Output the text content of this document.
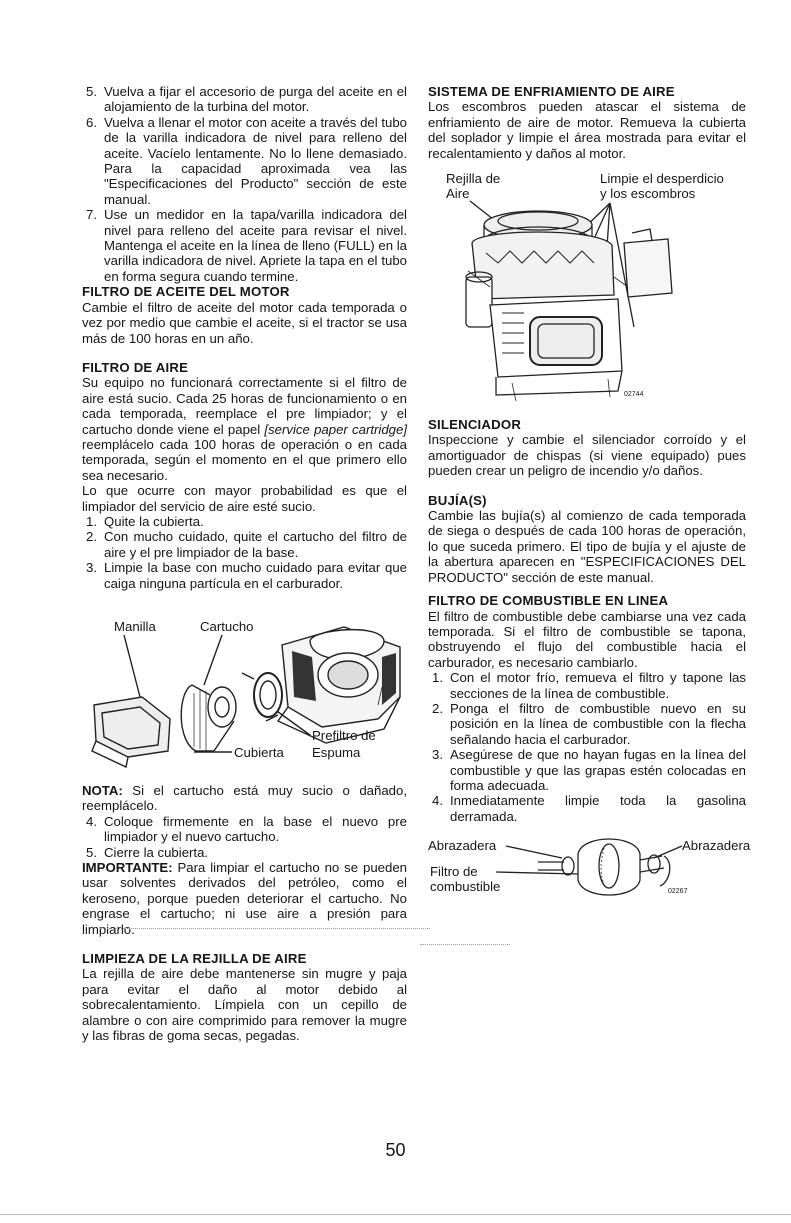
5. Vuelva a fijar el accesorio de purga del aceite en el alojamiento de la turbina del motor.
6. Vuelva a llenar el motor con aceite a través del tubo de la varilla indicadora de nivel para relleno del aceite. Vacíelo lentamente. No lo llene demasiado. Para la capacidad aproximada vea las "Especificaciones del Producto" sección de este manual.
7. Use un medidor en la tapa/varilla indicadora del nivel para relleno del aceite para revisar el nivel. Mantenga el aceite en la línea de lleno (FULL) en la varilla indicadora de nivel. Apriete la tapa en el tubo en forma segura cuando termine.
FILTRO DE ACEITE DEL MOTOR

Cambie el filtro de aceite del motor cada temporada o vez por medio que cambie el aceite, si el tractor se usa más de 100 horas en un año.

FILTRO DE AIRE

Su equipo no funcionará correctamente si el filtro de aire está sucio. Cada 25 horas de funcionamiento o en cada temporada, reemplace el pre limpiador; y el cartucho donde viene el papel [service paper cartridge] reemplácelo cada 100 horas de operación o en cada temporada, según el momento en el que primero ello sea necesario.

Lo que ocurre con mayor probabilidad es que el limpiador del servicio de aire esté sucio.

1. Quite la cubierta.
2. Con mucho cuidado, quite el cartucho del filtro de aire y el pre limpiador de la base.
3. Limpie la base con mucho cuidado para evitar que caiga ninguna partícula en el carburador.
Manilla	Cartucho
Cubierta
Prefiltro de
Espuma

NOTA: Si el cartucho está muy sucio o dañado, reemplácelo.

4. Coloque firmemente en la base el nuevo pre limpiador y el nuevo cartucho.
5. Cierre la cubierta.

IMPORTANTE: Para limpiar el cartucho no se pueden usar solventes derivados del petróleo, como el keroseno, porque pueden deteriorar el cartucho. No engrase el cartucho; ni use aire a presión para limpiarlo.

LIMPIEZA DE LA REJILLA DE AIRE

La rejilla de aire debe mantenerse sin mugre y paja para evitar el daño al motor debido al sobrecalentamiento. Límpiela con un cepillo de alambre o con aire comprimido para remover la mugre y las fibras de goma secas, pegadas.

SISTEMA DE ENFRIAMIENTO DE AIRE

Los escombros pueden atascar el sistema de enfriamiento de aire de motor. Remueva la cubierta del soplador y limpie el área mostrada para evitar el recalentamiento y daños al motor.

Rejilla de
Aire
Limpie el desperdicio
y los escombros
02744
SILENCIADOR

Inspeccione y cambie el silenciador corroído y el amortiguador de chispas (si viene equipado) pues pueden crear un peligro de incendio y/o daños.

BUJÍA(S)

Cambie las bujía(s) al comienzo de cada temporada de siega o después de cada 100 horas de operación, lo que suceda primero. El tipo de bujía y el ajuste de la abertura aparecen en "ESPECIFICACIONES DEL PRODUCTO" sección de este manual.

FILTRO DE COMBUSTIBLE EN LINEA

El filtro de combustible debe cambiarse una vez cada temporada. Si el filtro de combustible se tapona, obstruyendo el flujo del combustible hacia el carburador, es necesario cambiarlo.

1. Con el motor frío, remueva el filtro y tapone las secciones de la línea de combustible.
2. Ponga el filtro de combustible nuevo en su posición en la línea de combustible con la flecha señalando hacia el carburador.
3. Asegúrese de que no hayan fugas en la línea del combustible y que las grapas estén colocadas en forma adecuada.
4. Inmediatamente limpie toda la gasolina derramada.
Abrazadera	Abrazadera
Filtro de
combustible	02267
50
